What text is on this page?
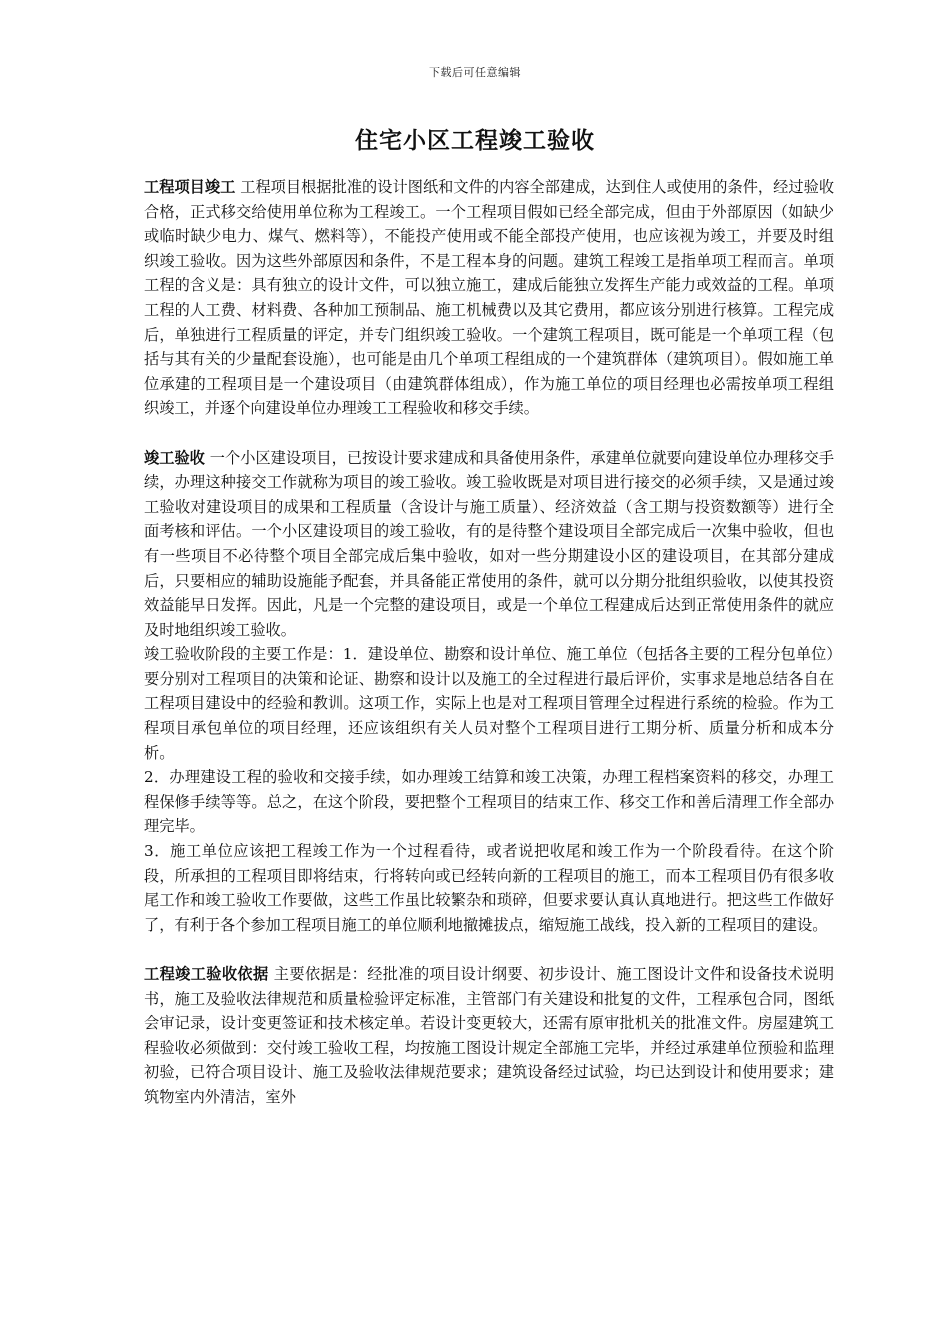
下载后可任意编辑
住宅小区工程竣工验收

工程项目竣工 工程项目根据批准的设计图纸和文件的内容全部建成，达到住人或使用的条件，经过验收合格，正式移交给使用单位称为工程竣工。一个工程项目假如已经全部完成，但由于外部原因（如缺少或临时缺少电力、煤气、燃料等），不能投产使用或不能全部投产使用，也应该视为竣工，并要及时组织竣工验收。因为这些外部原因和条件，不是工程本身的问题。建筑工程竣工是指单项工程而言。单项工程的含义是：具有独立的设计文件，可以独立施工，建成后能独立发挥生产能力或效益的工程。单项工程的人工费、材料费、各种加工预制品、施工机械费以及其它费用，都应该分别进行核算。工程完成后，单独进行工程质量的评定，并专门组织竣工验收。一个建筑工程项目，既可能是一个单项工程（包括与其有关的少量配套设施），也可能是由几个单项工程组成的一个建筑群体（建筑项目）。假如施工单位承建的工程项目是一个建设项目（由建筑群体组成），作为施工单位的项目经理也必需按单项工程组织竣工，并逐个向建设单位办理竣工工程验收和移交手续。

竣工验收 一个小区建设项目，已按设计要求建成和具备使用条件，承建单位就要向建设单位办理移交手续，办理这种接交工作就称为项目的竣工验收。竣工验收既是对项目进行接交的必须手续，又是通过竣工验收对建设项目的成果和工程质量（含设计与施工质量）、经济效益（含工期与投资数额等）进行全面考核和评估。一个小区建设项目的竣工验收，有的是待整个建设项目全部完成后一次集中验收，但也有一些项目不必待整个项目全部完成后集中验收，如对一些分期建设小区的建设项目，在其部分建成后，只要相应的辅助设施能予配套，并具备能正常使用的条件，就可以分期分批组织验收，以使其投资效益能早日发挥。因此，凡是一个完整的建设项目，或是一个单位工程建成后达到正常使用条件的就应及时地组织竣工验收。

竣工验收阶段的主要工作是：1．建设单位、勘察和设计单位、施工单位（包括各主要的工程分包单位）要分别对工程项目的决策和论证、勘察和设计以及施工的全过程进行最后评价，实事求是地总结各自在工程项目建设中的经验和教训。这项工作，实际上也是对工程项目管理全过程进行系统的检验。作为工程项目承包单位的项目经理，还应该组织有关人员对整个工程项目进行工期分析、质量分析和成本分析。

2．办理建设工程的验收和交接手续，如办理竣工结算和竣工决策，办理工程档案资料的移交，办理工程保修手续等等。总之，在这个阶段，要把整个工程项目的结束工作、移交工作和善后清理工作全部办理完毕。

3．施工单位应该把工程竣工作为一个过程看待，或者说把收尾和竣工作为一个阶段看待。在这个阶段，所承担的工程项目即将结束，行将转向或已经转向新的工程项目的施工，而本工程项目仍有很多收尾工作和竣工验收工作要做，这些工作虽比较繁杂和琐碎，但要求要认真认真地进行。把这些工作做好了，有利于各个参加工程项目施工的单位顺利地撤摊拔点，缩短施工战线，投入新的工程项目的建设。

工程竣工验收依据 主要依据是：经批准的项目设计纲要、初步设计、施工图设计文件和设备技术说明书，施工及验收法律规范和质量检验评定标准，主管部门有关建设和批复的文件，工程承包合同，图纸会审记录，设计变更签证和技术核定单。若设计变更较大，还需有原审批机关的批准文件。房屋建筑工程验收必须做到：交付竣工验收工程，均按施工图设计规定全部施工完毕，并经过承建单位预验和监理初验，已符合项目设计、施工及验收法律规范要求；建筑设备经过试验，均已达到设计和使用要求；建筑物室内外清洁，室外
